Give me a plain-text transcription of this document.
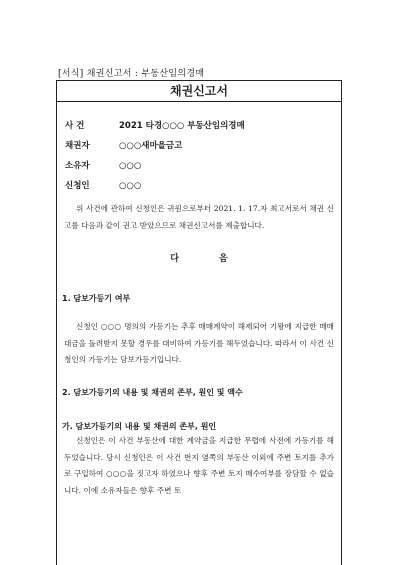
[서식] 채권신고서 : 부동산임의경매
채권신고서
사 건	2021 타경○○○ 부동산임의경매
채권자	○○○새마을금고
소유자	○○○
신청인	○○○
위 사건에 관하여 신청인은 귀원으로부터 2021. 1. 17.자 최고서로서 채권 신고를 다음과 같이 권고 받았으므로 채권신고서를 제출합니다.
다	음
1. 담보가등기 여부
신청인 ○○○ 명의의 가등기는 추후 매매계약이 해제되어 기왕에 지급한 매매대금을 돌려받지 못할 경우를 대비하여 가등기를 해두었습니다. 따라서 이 사건 신청인의 가등기는 담보가등기입니다.
2. 담보가등기의 내용 및 채권의 존부, 원인 및 액수
가. 담보가등기의 내용 및 채권의 존부, 원인
신청인은 이 사건 부동산에 대한 계약금을 지급한 무렵에 사전에 가등기를 해두었습니다. 당시 신청인은 이 사건 번지 옆쪽의 부동산 이외에 주변 토지를 추가로 구입하여 ○○○을 짓고자 하였으나 향후 주변 토지 매수여부를 장담할 수 없습니다. 이에 소유자들은 향후 주변 토
